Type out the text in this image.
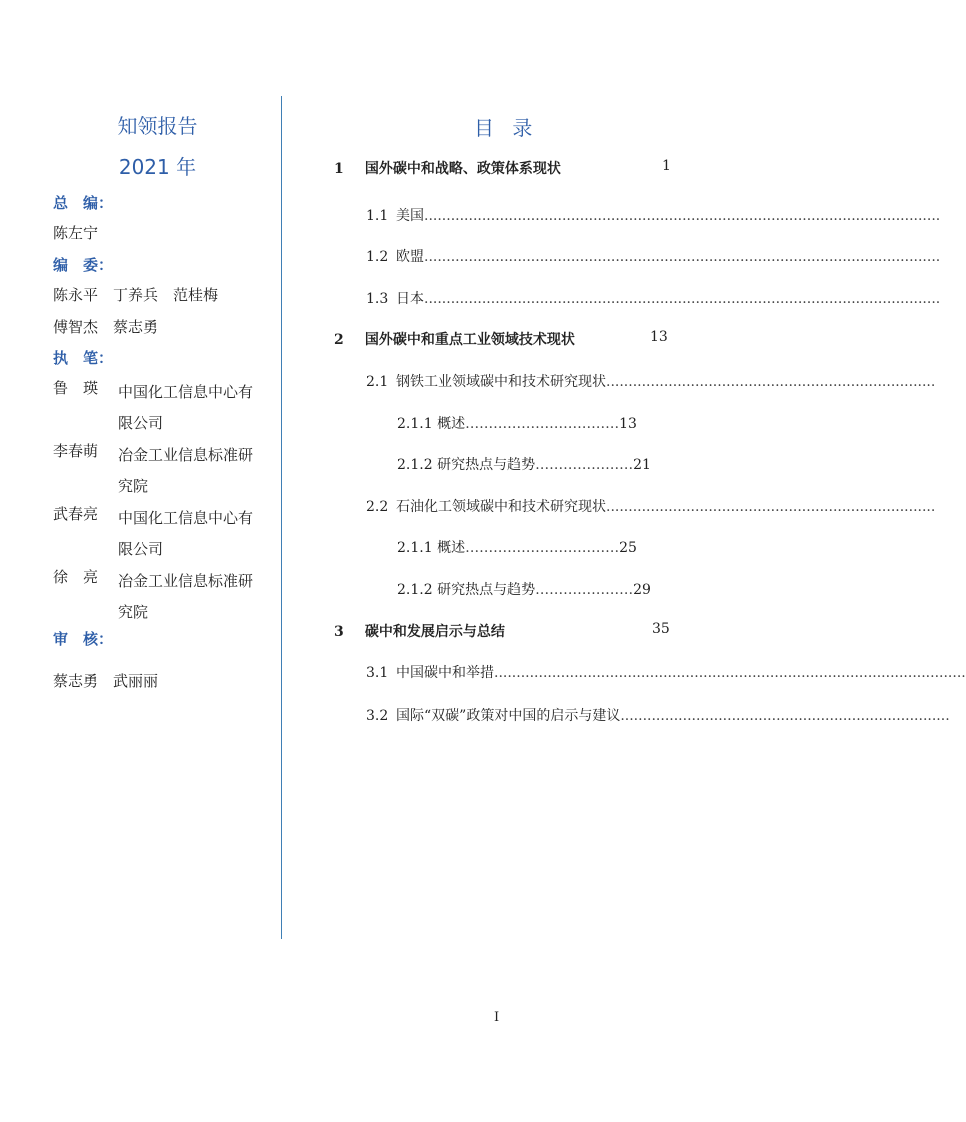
知领报告
2021 年
总　编：
陈左宁
编　委：
陈永平　丁养兵　范桂梅
傅智杰　蔡志勇
执　笔：
鲁　瑛 中国化工信息中心有
限公司
李春萌 冶金工业信息标准研
究院
武春亮 中国化工信息中心有
限公司
徐　亮 冶金工业信息标准研
究院
审　核：
蔡志勇　武丽丽
目 录
1 国外碳中和战略、政策体系现状	1
1.1 美国....................................................................................................................
1.2 欧盟....................................................................................................................
1.3 日本....................................................................................................................
2 国外碳中和重点工业领域技术现状	13
2.1 钢铁工业领域碳中和技术研究现状..........................................................................
2.1.1 概述……………………………13
2.1.2 研究热点与趋势…………………21
2.2 石油化工领域碳中和技术研究现状..........................................................................
2.1.1 概述……………………………25
2.1.2 研究热点与趋势…………………29
3 碳中和发展启示与总结	35
3.1 中国碳中和举措..........................................................................................................
3.2 国际“双碳”政策对中国的启示与建议..........................................................................
I
